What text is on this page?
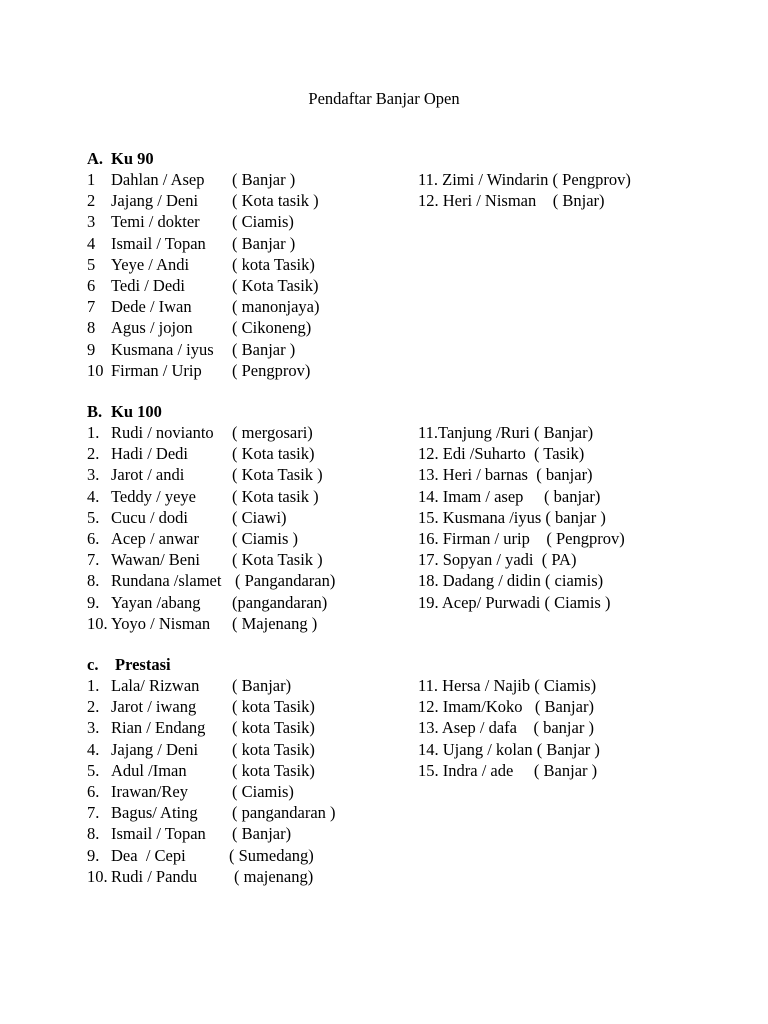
Pendaftar Banjar Open
A. Ku 90
1 Dahlan / Asep ( Banjar )
2 Jajang / Deni ( Kota tasik )
3 Temi / dokter ( Ciamis)
4 Ismail / Topan ( Banjar )
5 Yeye / Andi	( kota Tasik)
6 Tedi / Dedi	( Kota Tasik)
7 Dede / Iwan ( manonjaya)
8 Agus / jojon ( Cikoneng)
9 Kusmana / iyus ( Banjar )
10 Firman / Urip ( Pengprov)
11. Zimi / Windarin ( Pengprov)
12. Heri / Nisman    ( Bnjar)
B. Ku 100
1. Rudi / novianto ( mergosari)
2. Hadi / Dedi	( Kota tasik)
3. Jarot / andi	( Kota Tasik )
4. Teddy / yeye ( Kota tasik )
5. Cucu / dodi	( Ciawi)
6. Acep / anwar ( Ciamis )
7. Wawan/ Beni ( Kota Tasik )
8. Rundana /slamet ( Pangandaran)
9. Yayan /abang (pangandaran)
10. Yoyo / Nisman ( Majenang )
11.Tanjung /Ruri ( Banjar)
12. Edi /Suharto  ( Tasik)
13. Heri / barnas  ( banjar)
14. Imam / asep     ( banjar)
15. Kusmana /iyus ( banjar )
16. Firman / urip    ( Pengprov)
17. Sopyan / yadi  ( PA)
18. Dadang / didin ( ciamis)
19. Acep/ Purwadi ( Ciamis )
c. Prestasi
1. Lala/ Rizwan ( Banjar)
2. Jarot / iwang ( kota Tasik)
3. Rian / Endang ( kota Tasik)
4. Jajang / Deni ( kota Tasik)
5. Adul /Iman	( kota Tasik)
6. Irawan/Rey	( Ciamis)
7. Bagus/ Ating ( pangandaran )
8. Ismail / Topan ( Banjar)
9. Dea  / Cepi	( Sumedang)
10. Rudi / Pandu ( majenang)
11. Hersa / Najib ( Ciamis)
12. Imam/Koko   ( Banjar)
13. Asep / dafa    ( banjar )
14. Ujang / kolan ( Banjar )
15. Indra / ade     ( Banjar )
